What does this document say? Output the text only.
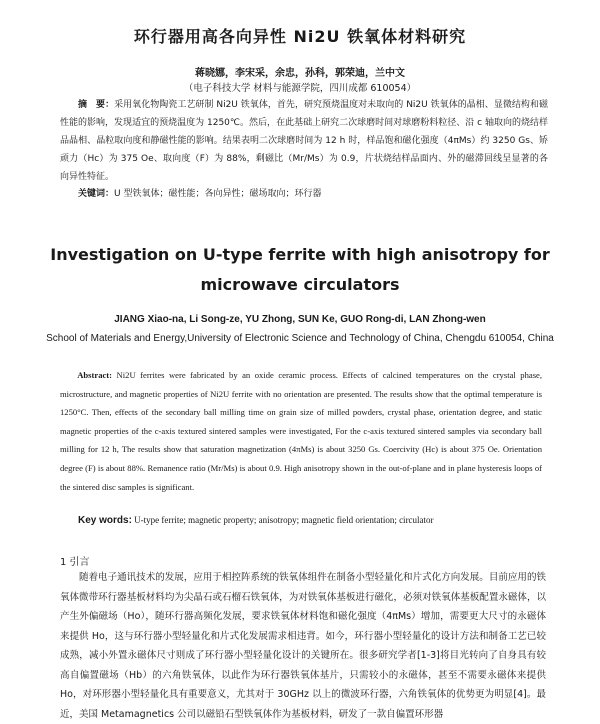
环行器用高各向异性 Ni2U 铁氧体材料研究
蒋晓娜，李宋采，余忠，孙科，郭荣迪，兰中文
（电子科技大学 材料与能源学院，四川成都 610054）
摘　要：采用氧化物陶瓷工艺研制 Ni2U 铁氧体，首先，研究预烧温度对未取向的 Ni2U 铁氧体的晶相、显微结构和磁性能的影响，发现适宜的预烧温度为 1250℃。然后，在此基础上研究二次球磨时间对球磨粉料粒径、沿 c 轴取向的烧结样品晶相、晶粒取向度和静磁性能的影响。结果表明二次球磨时间为 12 h 时，样品饱和磁化强度（4πMs）约 3250 Gs、矫顽力（Hc）为 375 Oe、取向度（F）为 88%，剩磁比（Mr/Ms）为 0.9，片状烧结样品面内、外的磁滞回线呈显著的各向异性特征。
关键词：U 型铁氧体；磁性能；各向异性；磁场取向；环行器
Investigation on U-type ferrite with high anisotropy for microwave circulators
JIANG Xiao-na, Li Song-ze, YU Zhong, SUN Ke, GUO Rong-di, LAN Zhong-wen
School of Materials and Energy,University of Electronic Science and Technology of China, Chengdu 610054, China
Abstract: Ni2U ferrites were fabricated by an oxide ceramic process. Effects of calcined temperatures on the crystal phase, microstructure, and magnetic properties of Ni2U ferrite with no orientation are presented. The results show that the optimal temperature is 1250°C. Then, effects of the secondary ball milling time on grain size of milled powders, crystal phase, orientation degree, and static magnetic properties of the c-axis textured sintered samples were investigated, For the c-axis textured sintered samples via secondary ball milling for 12 h, The results show that saturation magnetization (4πMs) is about 3250 Gs. Coercivity (Hc) is about 375 Oe. Orientation degree (F) is about 88%. Remanence ratio (Mr/Ms) is about 0.9. High anisotropy shown in the out-of-plane and in plane hysteresis loops of the sintered disc samples is significant.
Key words: U-type ferrite; magnetic property; anisotropy; magnetic field orientation; circulator
1 引言
随着电子通讯技术的发展，应用于相控阵系统的铁氧体组件在制备小型轻量化和片式化方向发展。目前应用的铁氧体微带环行器基板材料均为尖晶石或石榴石铁氧体，为对铁氧体基板进行磁化，必须对铁氧体基板配置永磁体，以产生外偏磁场（Ho），随环行器高频化发展，要求铁氧体材料饱和磁化强度（4πMs）增加，需要更大尺寸的永磁体来提供 Ho，这与环行器小型轻量化和片式化发展需求相违背。如今，环行器小型轻量化的设计方法和制备工艺已较成熟，减小外置永磁体尺寸则成了环行器小型轻量化设计的关键所在。很多研究学者[1-3]将目光转向了自身具有较高自偏置磁场（Hb）的六角铁氧体，以此作为环行器铁氧体基片，只需较小的永磁体，甚至不需要永磁体来提供 Ho，对环形器小型轻量化具有重要意义，尤其对于 30GHz 以上的微波环行器，六角铁氧体的优势更为明显[4]。最近，美国 Metamagnetics 公司以磁铅石型铁氧体作为基板材料，研发了一款自偏置环形器
